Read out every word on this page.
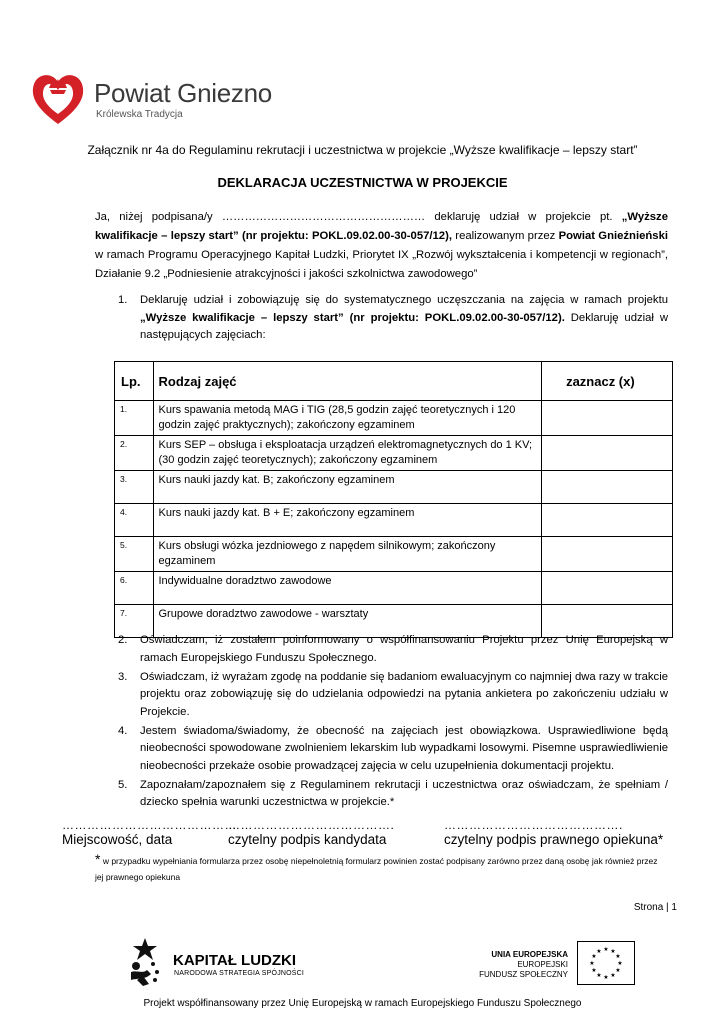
Powiat Gniezno
Królewska Tradycja
Załącznik nr 4a do Regulaminu rekrutacji i uczestnictwa w projekcie „Wyższe kwalifikacje – lepszy start”
DEKLARACJA UCZESTNICTWA W PROJEKCIE
Ja, niżej podpisana/y ……………………………………………… deklaruję udział w projekcie pt. „Wyższe kwalifikacje – lepszy start” (nr projektu: POKL.09.02.00-30-057/12), realizowanym przez Powiat Gnieźnieński w ramach Programu Operacyjnego Kapitał Ludzki, Priorytet IX „Rozwój wykształcenia i kompetencji w regionach”, Działanie 9.2 „Podniesienie atrakcyjności i jakości szkolnictwa zawodowego”
1. Deklaruję udział i zobowiązuję się do systematycznego uczęszczania na zajęcia w ramach projektu „Wyższe kwalifikacje – lepszy start” (nr projektu: POKL.09.02.00-30-057/12). Deklaruję udział w następujących zajęciach:
Lp.	Rodzaj zajęć	zaznacz (x)
1.	Kurs spawania metodą MAG i TIG (28,5 godzin zajęć teoretycznych i 120 godzin zajęć praktycznych); zakończony egzaminem	
2.	Kurs SEP – obsługa i eksploatacja urządzeń elektromagnetycznych do 1 KV; (30 godzin zajęć teoretycznych); zakończony egzaminem	
3.	Kurs nauki jazdy kat. B; zakończony egzaminem	
4.	Kurs nauki jazdy kat. B + E; zakończony egzaminem	
5.	Kurs obsługi wózka jezdniowego z napędem silnikowym; zakończony egzaminem	
6.	Indywidualne doradztwo zawodowe	
7.	Grupowe doradztwo zawodowe - warsztaty	
2. Oświadczam, iż zostałem poinformowany o współfinansowaniu Projektu przez Unię Europejską w ramach Europejskiego Funduszu Społecznego.
3. Oświadczam, iż wyrażam zgodę na poddanie się badaniom ewaluacyjnym co najmniej dwa razy w trakcie projektu oraz zobowiązuję się do udzielania odpowiedzi na pytania ankietera po zakończeniu udziału w Projekcie.
4. Jestem świadoma/świadomy, że obecność na zajęciach jest obowiązkowa. Usprawiedliwione będą nieobecności spowodowane zwolnieniem lekarskim lub wypadkami losowymi. Pisemne usprawiedliwienie nieobecności przekaże osobie prowadzącej zajęcia w celu uzupełnienia dokumentacji projektu.
5. Zapoznałam/zapoznałem się z Regulaminem rekrutacji i uczestnictwa oraz oświadczam, że spełniam / dziecko spełnia warunki uczestnictwa w projekcie.*
……………………………………
………………………………….	…………………………………….
Miejscowość, data	czytelny podpis kandydata	czytelny podpis prawnego opiekuna*
* w przypadku wypełniania formularza przez osobę niepełnoletnią formularz powinien zostać podpisany zarówno przez daną osobę jak również przez jej prawnego opiekuna
Strona | 1
KAPITAŁ LUDZKI
NARODOWA STRATEGIA SPÓJNOŚCI
UNIA EUROPEJSKA
EUROPEJSKI
FUNDUSZ SPOŁECZNY
★ ★
★
★
★
★
★
★
★
★
★
★
Projekt współfinansowany przez Unię Europejską w ramach Europejskiego Funduszu Społecznego
